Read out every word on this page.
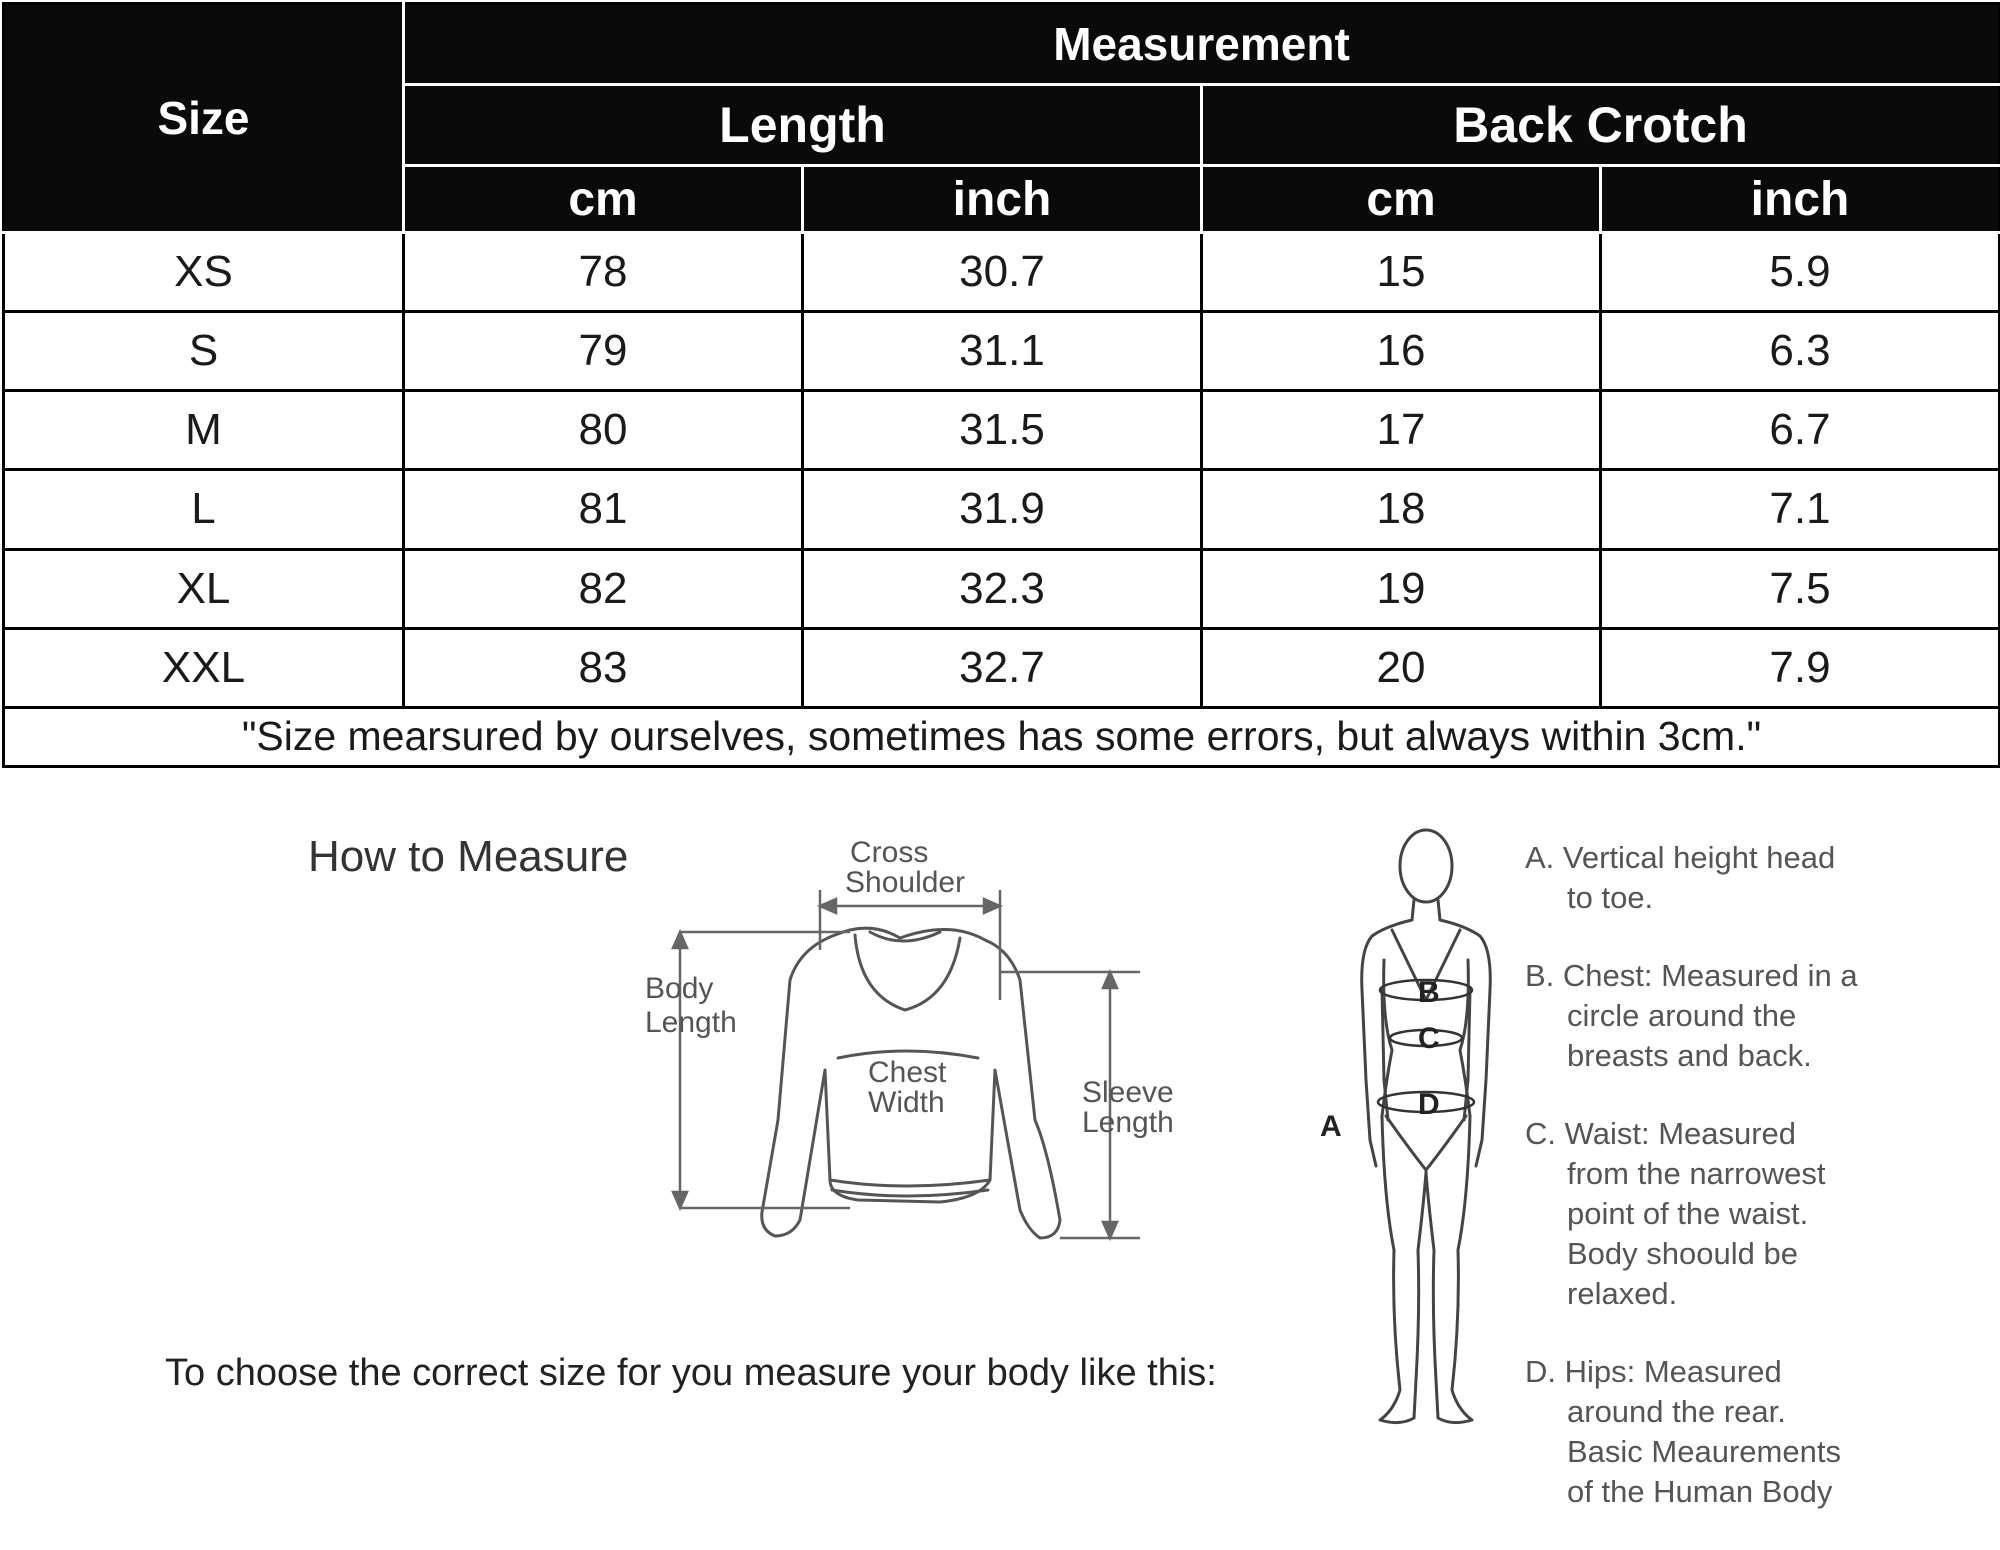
Size	Measurement			
	Length		Back Crotch	
	cm	inch	cm	inch
XS	78	30.7	15	5.9
S	79	31.1	16	6.3
M	80	31.5	17	6.7
L	81	31.9	18	7.1
XL	82	32.3	19	7.5
XXL	83	32.7	20	7.9
"Size mearsured by ourselves, sometimes has some errors, but always within 3cm."				
How to Measure	Cross
Shoulder
Body
Length
Chest
Width	Sleeve
Length
To choose the correct size for you measure your body like this:
B
C
D
A
A. Vertical height head
to toe.
B. Chest: Measured in a
circle around the
breasts and back.
C. Waist: Measured
from the narrowest
point of the waist.
Body shoould be
relaxed.
D. Hips: Measured
around the rear.
Basic Meaurements
of the Human Body
